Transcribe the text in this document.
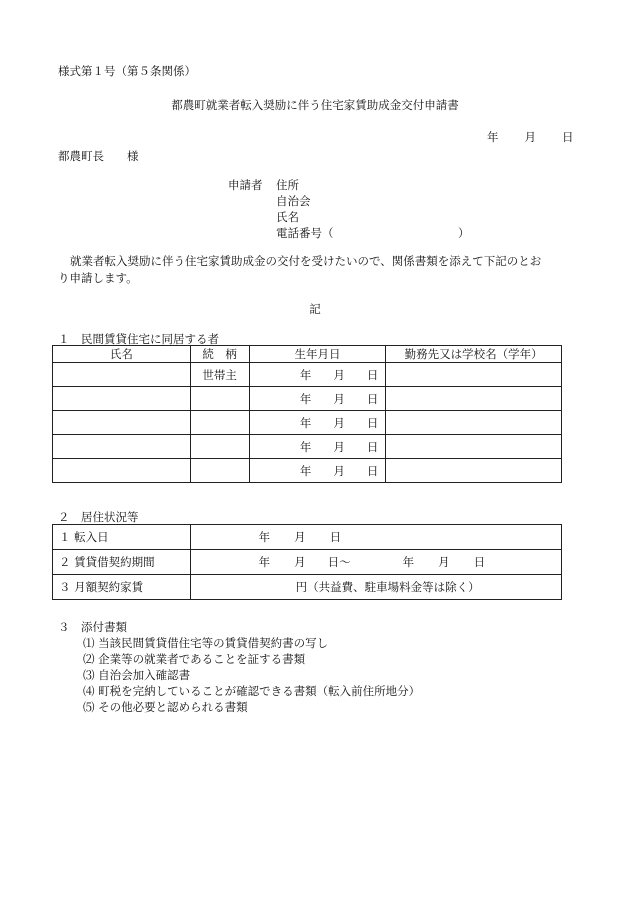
様式第１号（第５条関係）
都農町就業者転入奨励に伴う住宅家賃助成金交付申請書
年 月 日
都農町長　　様
申請者 住所
自治会
氏名
電話番号（	）
就業者転入奨励に伴う住宅家賃助成金の交付を受けたいので、関係書類を添えて下記のとお
り申請します。
記
１　民間賃貸住宅に同居する者
氏名	続　柄	生年月日	勤務先又は学校名（学年）
	世帯主	年 月 日	
		年 月 日	
		年 月 日	
		年 月 日	
		年 月 日	
２　居住状況等
１ 転入日	年 月 日
２ 賃貸借契約期間	年 月 日～ 年 月 日
３ 月額契約家賃	円（共益費、駐車場料金等は除く）
３　添付書類
⑴ 当該民間賃貸借住宅等の賃貸借契約書の写し
⑵ 企業等の就業者であることを証する書類
⑶ 自治会加入確認書
⑷ 町税を完納していることが確認できる書類（転入前住所地分）
⑸ その他必要と認められる書類
